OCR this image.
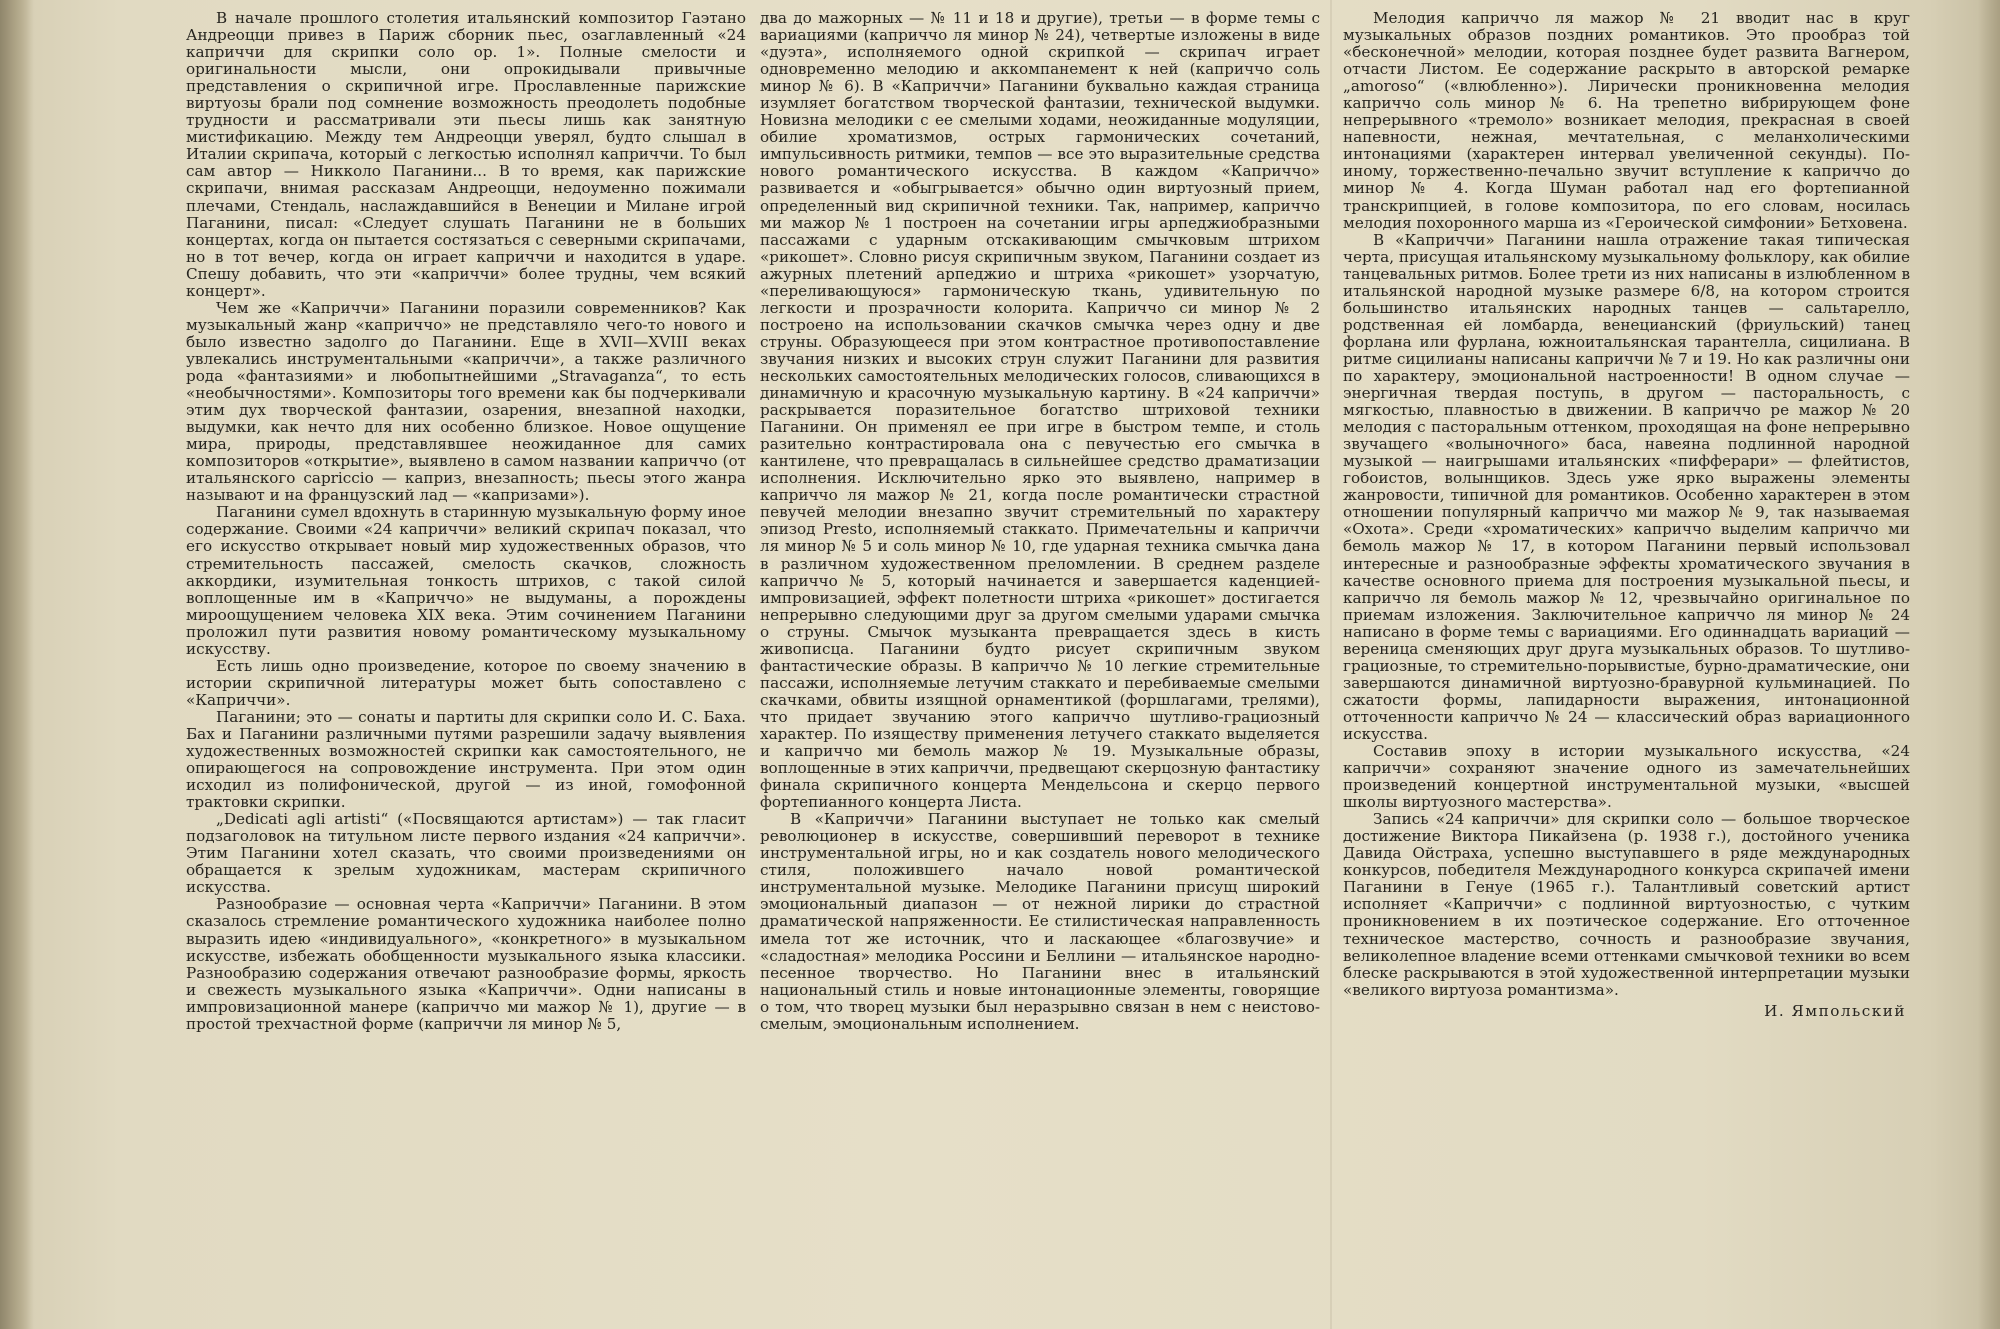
В начале прошлого столетия итальянский композитор Гаэтано Андреоцци привез в Париж сборник пьес, озаглавленный «24 каприччи для скрипки соло ор. 1». Полные смелости и оригинальности мысли, они опрокидывали привычные представления о скрипичной игре. Прославленные парижские виртуозы брали под сомнение возможность преодолеть подобные трудности и рассматривали эти пьесы лишь как занятную мистификацию. Между тем Андреоцци уверял, будто слышал в Италии скрипача, который с легкостью исполнял каприччи. То был сам автор — Никколо Паганини... В то время, как парижские скрипачи, внимая рассказам Андреоцци, недоуменно пожимали плечами, Стендаль, наслаждавшийся в Венеции и Милане игрой Паганини, писал: «Следует слушать Паганини не в больших концертах, когда он пытается состязаться с северными скрипачами, но в тот вечер, когда он играет каприччи и находится в ударе. Спешу добавить, что эти «каприччи» более трудны, чем всякий концерт».

Чем же «Каприччи» Паганини поразили современников? Как музыкальный жанр «каприччо» не представляло чего-то нового и было известно задолго до Паганини. Еще в XVII—XVIII веках увлекались инструментальными «каприччи», а также различного рода «фантазиями» и любопытнейшими „Stravaganza“, то есть «необычностями». Композиторы того времени как бы подчеркивали этим дух творческой фантазии, озарения, внезапной находки, выдумки, как нечто для них особенно близкое. Новое ощущение мира, природы, представлявшее неожиданное для самих композиторов «открытие», выявлено в самом названии каприччо (от итальянского capriccio — каприз, внезапность; пьесы этого жанра называют и на французский лад — «капризами»).

Паганини сумел вдохнуть в старинную музыкальную форму иное содержание. Своими «24 каприччи» великий скрипач показал, что его искусство открывает новый мир художественных образов, что стремительность пассажей, смелость скачков, сложность аккордики, изумительная тонкость штрихов, с такой силой воплощенные им в «Каприччо» не выдуманы, а порождены мироощущением человека XIX века. Этим сочинением Паганини проложил пути развития новому романтическому музыкальному искусству.

Есть лишь одно произведение, которое по своему значению в истории скрипичной литературы может быть сопоставлено с «Каприччи».

Паганини; это — сонаты и партиты для скрипки соло И. С. Баха. Бах и Паганини различными путями разрешили задачу выявления художественных возможностей скрипки как самостоятельного, не опирающегося на сопровождение инструмента. При этом один исходил из полифонической, другой — из иной, гомофонной трактовки скрипки.

„Dedicati agli artisti“ («Посвящаются артистам») — так гласит подзаголовок на титульном листе первого издания «24 каприччи». Этим Паганини хотел сказать, что своими произведениями он обращается к зрелым художникам, мастерам скрипичного искусства.

Разнообразие — основная черта «Каприччи» Паганини. В этом сказалось стремление романтического художника наиболее полно выразить идею «индивидуального», «конкретного» в музыкальном искусстве, избежать обобщенности музыкального языка классики. Разнообразию содержания отвечают разнообразие формы, яркость и свежесть музыкального языка «Каприччи». Одни написаны в импровизационной манере (каприччо ми мажор № 1), другие — в простой трехчастной форме (каприччи ля минор № 5,

два до мажорных — № 11 и 18 и другие), третьи — в форме темы с вариациями (каприччо ля минор № 24), четвертые изложены в виде «дуэта», исполняемого одной скрипкой — скрипач играет одновременно мелодию и аккомпанемент к ней (каприччо соль минор № 6). В «Каприччи» Паганини буквально каждая страница изумляет богатством творческой фантазии, технической выдумки. Новизна мелодики с ее смелыми ходами, неожиданные модуляции, обилие хроматизмов, острых гармонических сочетаний, импульсивность ритмики, темпов — все это выразительные средства нового романтического искусства. В каждом «Каприччо» развивается и «обыгрывается» обычно один виртуозный прием, определенный вид скрипичной техники. Так, например, каприччо ми мажор № 1 построен на сочетании игры арпеджиобразными пассажами с ударным отскакивающим смычковым штрихом «рикошет». Словно рисуя скрипичным звуком, Паганини создает из ажурных плетений арпеджио и штриха «рикошет» узорчатую, «переливающуюся» гармоническую ткань, удивительную по легкости и прозрачности колорита. Каприччо си минор № 2 построено на использовании скачков смычка через одну и две струны. Образующееся при этом контрастное противопоставление звучания низких и высоких струн служит Паганини для развития нескольких самостоятельных мелодических голосов, сливающихся в динамичную и красочную музыкальную картину. В «24 каприччи» раскрывается поразительное богатство штриховой техники Паганини. Он применял ее при игре в быстром темпе, и столь разительно контрастировала она с певучестью его смычка в кантилене, что превращалась в сильнейшее средство драматизации исполнения. Исключительно ярко это выявлено, например в каприччо ля мажор № 21, когда после романтически страстной певучей мелодии внезапно звучит стремительный по характеру эпизод Presto, исполняемый стаккато. Примечательны и каприччи ля минор № 5 и соль минор № 10, где ударная техника смычка дана в различном художественном преломлении. В среднем разделе каприччо № 5, который начинается и завершается каденцией-импровизацией, эффект полетности штриха «рикошет» достигается непрерывно следующими друг за другом смелыми ударами смычка о струны. Смычок музыканта превращается здесь в кисть живописца. Паганини будто рисует скрипичным звуком фантастические образы. В каприччо № 10 легкие стремительные пассажи, исполняемые летучим стаккато и перебиваемые смелыми скачками, обвиты изящной орнаментикой (форшлагами, трелями), что придает звучанию этого каприччо шутливо-грациозный характер. По изяществу применения летучего стаккато выделяется и каприччо ми бемоль мажор № 19. Музыкальные образы, воплощенные в этих каприччи, предвещают скерцозную фантастику финала скрипичного концерта Мендельсона и скерцо первого фортепианного концерта Листа.

В «Каприччи» Паганини выступает не только как смелый революционер в искусстве, совершивший переворот в технике инструментальной игры, но и как создатель нового мелодического стиля, положившего начало новой романтической инструментальной музыке. Мелодике Паганини присущ широкий эмоциональный диапазон — от нежной лирики до страстной драматической напряженности. Ее стилистическая направленность имела тот же источник, что и ласкающее «благозвучие» и «сладостная» мелодика Россини и Беллини — итальянское народно-песенное творчество. Но Паганини внес в итальянский национальный стиль и новые интонационные элементы, говорящие о том, что творец музыки был неразрывно связан в нем с неистово-смелым, эмоциональным исполнением.

Мелодия каприччо ля мажор № 21 вводит нас в круг музыкальных образов поздних романтиков. Это прообраз той «бесконечной» мелодии, которая позднее будет развита Вагнером, отчасти Листом. Ее содержание раскрыто в авторской ремарке „amoroso“ («влюбленно»). Лирически проникновенна мелодия каприччо соль минор № 6. На трепетно вибрирующем фоне непрерывного «тремоло» возникает мелодия, прекрасная в своей напевности, нежная, мечтательная, с меланхолическими интонациями (характерен интервал увеличенной секунды). По-иному, торжественно-печально звучит вступление к каприччо до минор № 4. Когда Шуман работал над его фортепианной транскрипцией, в голове композитора, по его словам, носилась мелодия похоронного марша из «Героической симфонии» Бетховена.

В «Каприччи» Паганини нашла отражение такая типическая черта, присущая итальянскому музыкальному фольклору, как обилие танцевальных ритмов. Более трети из них написаны в излюбленном в итальянской народной музыке размере 6/8, на котором строится большинство итальянских народных танцев — сальтарелло, родственная ей ломбарда, венецианский (фриульский) танец форлана или фурлана, южноитальянская тарантелла, сицилиана. В ритме сицилианы написаны каприччи № 7 и 19. Но как различны они по характеру, эмоциональной настроенности! В одном случае — энергичная твердая поступь, в другом — пасторальность, с мягкостью, плавностью в движении. В каприччо ре мажор № 20 мелодия с пасторальным оттенком, проходящая на фоне непрерывно звучащего «волыночного» баса, навеяна подлинной народной музыкой — наигрышами итальянских «пифферари» — флейтистов, гобоистов, волынщиков. Здесь уже ярко выражены элементы жанровости, типичной для романтиков. Особенно характерен в этом отношении популярный каприччо ми мажор № 9, так называемая «Охота». Среди «хроматических» каприччо выделим каприччо ми бемоль мажор № 17, в котором Паганини первый использовал интересные и разнообразные эффекты хроматического звучания в качестве основного приема для построения музыкальной пьесы, и каприччо ля бемоль мажор № 12, чрезвычайно оригинальное по приемам изложения. Заключительное каприччо ля минор № 24 написано в форме темы с вариациями. Его одиннадцать вариаций — вереница сменяющих друг друга музыкальных образов. То шутливо-грациозные, то стремительно-порывистые, бурно-драматические, они завершаются динамичной виртуозно-бравурной кульминацией. По сжатости формы, лапидарности выражения, интонационной отточенности каприччо № 24 — классический образ вариационного искусства.

Составив эпоху в истории музыкального искусства, «24 каприччи» сохраняют значение одного из замечательнейших произведений концертной инструментальной музыки, «высшей школы виртуозного мастерства».

Запись «24 каприччи» для скрипки соло — большое творческое достижение Виктора Пикайзена (р. 1938 г.), достойного ученика Давида Ойстраха, успешно выступавшего в ряде международных конкурсов, победителя Международного конкурса скрипачей имени Паганини в Генуе (1965 г.). Талантливый советский артист исполняет «Каприччи» с подлинной виртуозностью, с чутким проникновением в их поэтическое содержание. Его отточенное техническое мастерство, сочность и разнообразие звучания, великолепное владение всеми оттенками смычковой техники во всем блеске раскрываются в этой художественной интерпретации музыки «великого виртуоза романтизма».

И. Ямпольский
